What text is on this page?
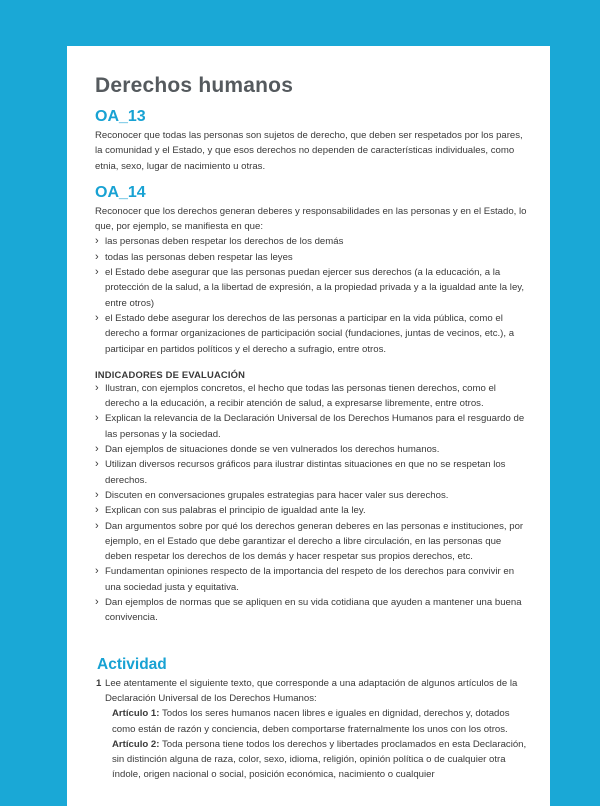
Derechos humanos
OA_13

Reconocer que todas las personas son sujetos de derecho, que deben ser respetados por los pares, la comunidad y el Estado, y que esos derechos no dependen de características individuales, como etnia, sexo, lugar de nacimiento u otras.

OA_14

Reconocer que los derechos generan deberes y responsabilidades en las personas y en el Estado, lo que, por ejemplo, se manifiesta en que:

› las personas deben respetar los derechos de los demás
› todas las personas deben respetar las leyes
› el Estado debe asegurar que las personas puedan ejercer sus derechos (a la educación, a la protección de la salud, a la libertad de expresión, a la propiedad privada y a la igualdad ante la ley, entre otros)
› el Estado debe asegurar los derechos de las personas a participar en la vida pública, como el derecho a formar organizaciones de participación social (fundaciones, juntas de vecinos, etc.), a participar en partidos políticos y el derecho a sufragio, entre otros.
INDICADORES DE EVALUACIÓN
› Ilustran, con ejemplos concretos, el hecho que todas las personas tienen derechos, como el derecho a la educación, a recibir atención de salud, a expresarse libremente, entre otros.
› Explican la relevancia de la Declaración Universal de los Derechos Humanos para el resguardo de las personas y la sociedad.
› Dan ejemplos de situaciones donde se ven vulnerados los derechos humanos.
› Utilizan diversos recursos gráficos para ilustrar distintas situaciones en que no se respetan los derechos.
› Discuten en conversaciones grupales estrategias para hacer valer sus derechos.
› Explican con sus palabras el principio de igualdad ante la ley.
› Dan argumentos sobre por qué los derechos generan deberes en las personas e instituciones, por ejemplo, en el Estado que debe garantizar el derecho a libre circulación, en las personas que deben respetar los derechos de los demás y hacer respetar sus propios derechos, etc.
› Fundamentan opiniones respecto de la importancia del respeto de los derechos para convivir en una sociedad justa y equitativa.
› Dan ejemplos de normas que se apliquen en su vida cotidiana que ayuden a mantener una buena convivencia.
Actividad
1 Lee atentamente el siguiente texto, que corresponde a una adaptación de algunos artículos de la Declaración Universal de los Derechos Humanos:

Artículo 1: Todos los seres humanos nacen libres e iguales en dignidad, derechos y, dotados como están de razón y conciencia, deben comportarse fraternalmente los unos con los otros.

Artículo 2: Toda persona tiene todos los derechos y libertades proclamados en esta Declaración, sin distinción alguna de raza, color, sexo, idioma, religión, opinión política o de cualquier otra índole, origen nacional o social, posición económica, nacimiento o cualquier
